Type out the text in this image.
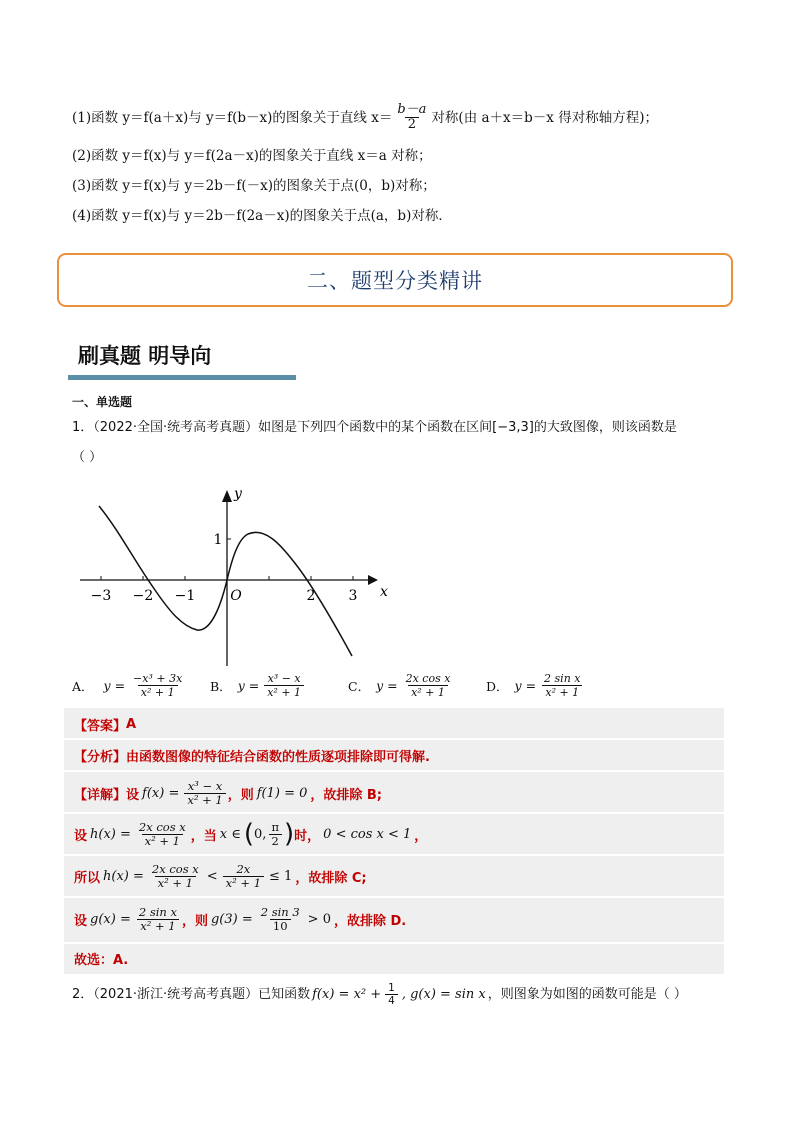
(1)函数 y＝f(a＋x)与 y＝f(b－x)的图象关于直线 $x= \frac{b-a}{2}$ 对称(由 a＋x＝b－x 得对称轴方程)；
(2)函数 y＝f(x)与 y＝f(2a－x)的图象关于直线 x＝a 对称；
(3)函数 y＝f(x)与 y＝2b－f(－x)的图象关于点(0，b)对称；
(4)函数 y＝f(x)与 y＝2b－f(2a－x)的图象关于点(a，b)对称．
二、题型分类精讲
刷真题 明导向
一、单选题
1．（2022·全国·统考高考真题）如图是下列四个函数中的某个函数在区间[−3,3]的大致图像，则该函数是
（ ）
−3 −2 −1	2 3
O
1
x
y
A． $y = \frac{\text{−x³ + 3x}}{\text{x² + 1}}$ B． $y = \frac{\text{x³ − x}}{\text{x² + 1}}$	C． $y = \frac{\text{2x cos x}}{\text{x² + 1}}$	D． $y = \frac{\text{2 sin x}}{\text{x² + 1}}$
【答案】 A
【分析】 由函数图像的特征结合函数的性质逐项排除即可得解.
【详解】 设 $f(x) = \frac{\text{x³ − x}}{\text{x² + 1}}$ ，则 f(1) = 0 ，故排除 B;
设 $h(x) = \frac{\text{2x cos x}}{\text{x² + 1}}$ ，当 x ∈ ( 0, $\frac{\pi}{2}$ ) 时， 0 < cos x < 1 ，
所以 $h(x) = \frac{\text{2x cos x}}{\text{x² + 1}} < \frac{2x}{\text{x² + 1}} \le 1$ ，故排除 C;
设 $g(x) = \frac{\text{2 sin x}}{\text{x² + 1}}$ ，则 $g(3) = \frac{2 \sin 3}{10} > 0$ ，故排除 D.
故选：A.
2．（2021·浙江·统考高考真题）已知函数 $f(x) = x^2 + \frac{1}{4}$ , g(x) = sin x ，则图象为如图的函数可能是（ ）
